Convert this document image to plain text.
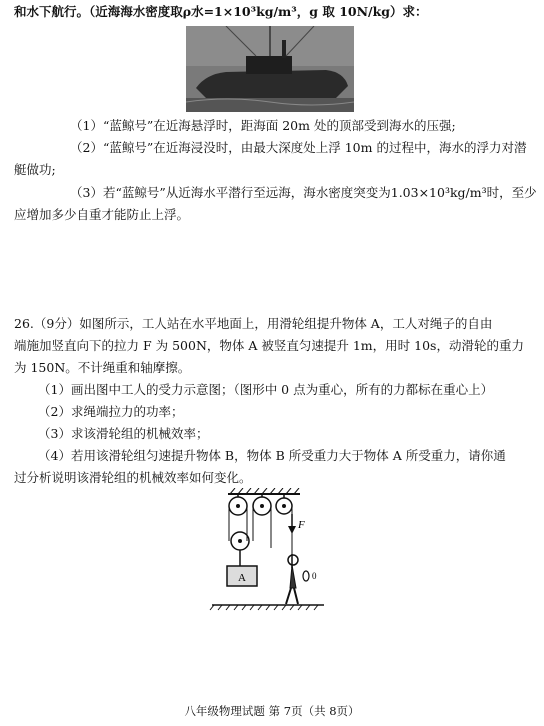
和水下航行。（近海海水密度取ρ水=1×10³kg/m³，g 取 10N/kg）求：
（1）“蓝鲸号”在近海悬浮时，距海面 20m 处的顶部受到海水的压强;
（2）“蓝鲸号”在近海浸没时，由最大深度处上浮 10m 的过程中，海水的浮力对潜
艇做功;
（3）若“蓝鲸号”从近海水平潜行至远海，海水密度突变为1.03×10³kg/m³时，至少
应增加多少自重才能防止上浮。
26.（9分）如图所示，工人站在水平地面上，用滑轮组提升物体 A，工人对绳子的自由
端施加竖直向下的拉力 F 为 500N，物体 A 被竖直匀速提升 1m，用时 10s，动滑轮的重力
为 150N。不计绳重和轴摩擦。
（1）画出图中工人的受力示意图；（图形中 0 点为重心，所有的力都标在重心上）
（2）求绳端拉力的功率；
（3）求该滑轮组的机械效率；
（4）若用该滑轮组匀速提升物体 B，物体 B 所受重力大于物体 A 所受重力，请你通
过分析说明该滑轮组的机械效率如何变化。
A
F
0
八年级物理试题 第 7页（共 8页）
